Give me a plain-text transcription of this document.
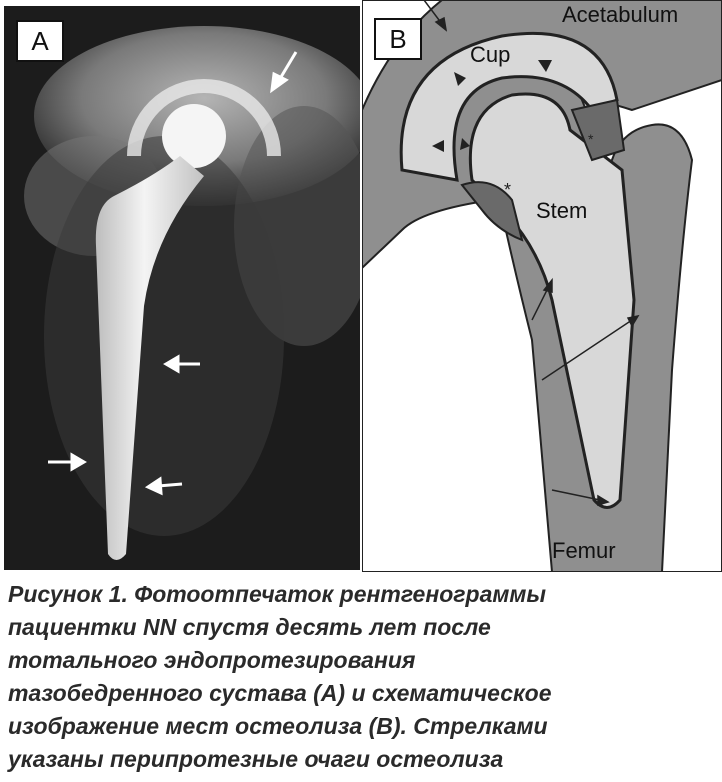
A
*
*
B
Acetabulum
Cup
Stem
Femur

Рисунок 1. Фотоотпечаток рентгенограммы

пациентки NN спустя десять лет после

тотального эндопротезирования

тазобедренного сустава (А) и схематическое

изображение мест остеолиза (В). Стрелками

указаны перипротезные очаги остеолиза
